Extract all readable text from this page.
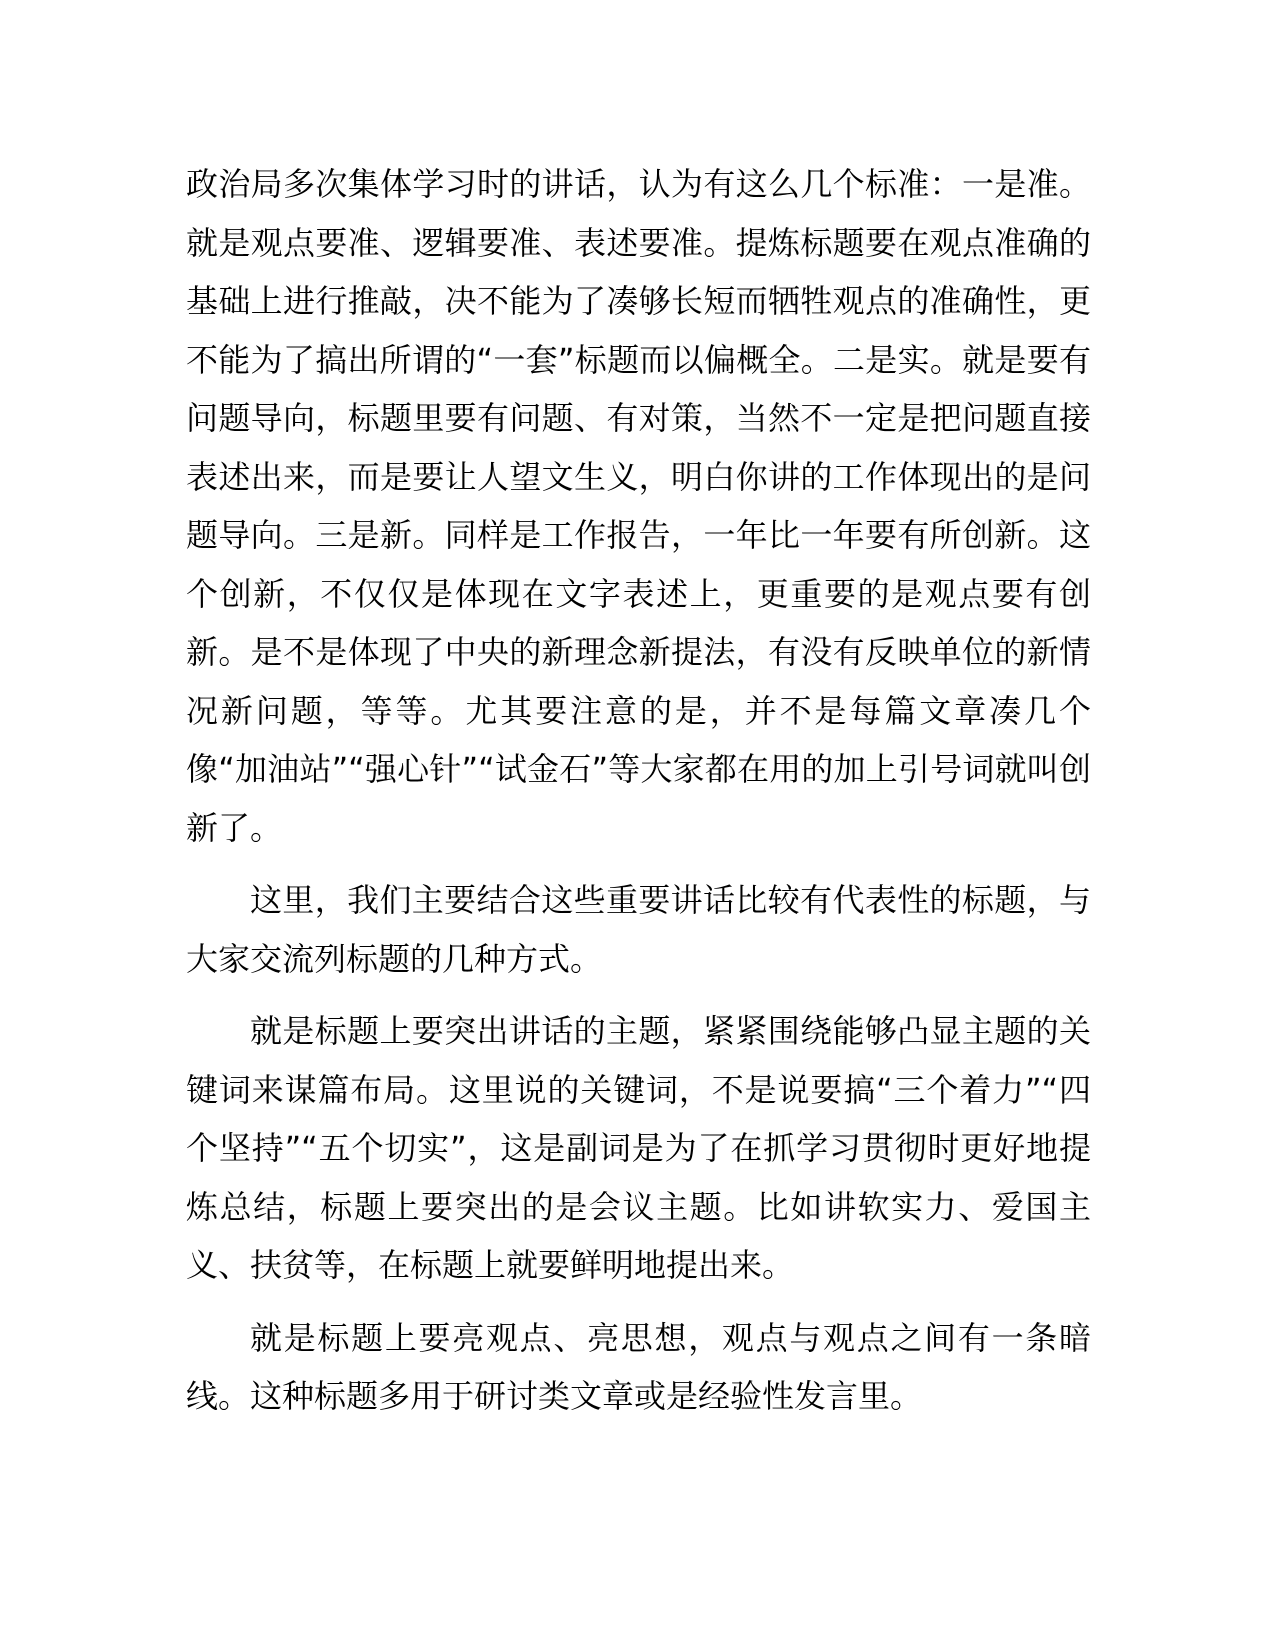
政治局多次集体学习时的讲话，认为有这么几个标准：一是准。就是观点要准、逻辑要准、表述要准。提炼标题要在观点准确的基础上进行推敲，决不能为了凑够长短而牺牲观点的准确性，更不能为了搞出所谓的“一套”标题而以偏概全。二是实。就是要有问题导向，标题里要有问题、有对策，当然不一定是把问题直接表述出来，而是要让人望文生义，明白你讲的工作体现出的是问题导向。三是新。同样是工作报告，一年比一年要有所创新。这个创新，不仅仅是体现在文字表述上，更重要的是观点要有创新。是不是体现了中央的新理念新提法，有没有反映单位的新情况新问题，等等。尤其要注意的是，并不是每篇文章凑几个像“加油站”“强心针”“试金石”等大家都在用的加上引号词就叫创新了。

这里，我们主要结合这些重要讲话比较有代表性的标题，与大家交流列标题的几种方式。

就是标题上要突出讲话的主题，紧紧围绕能够凸显主题的关键词来谋篇布局。这里说的关键词，不是说要搞“三个着力”“四个坚持”“五个切实”，这是副词是为了在抓学习贯彻时更好地提炼总结，标题上要突出的是会议主题。比如讲软实力、爱国主义、扶贫等，在标题上就要鲜明地提出来。

就是标题上要亮观点、亮思想，观点与观点之间有一条暗线。这种标题多用于研讨类文章或是经验性发言里。
